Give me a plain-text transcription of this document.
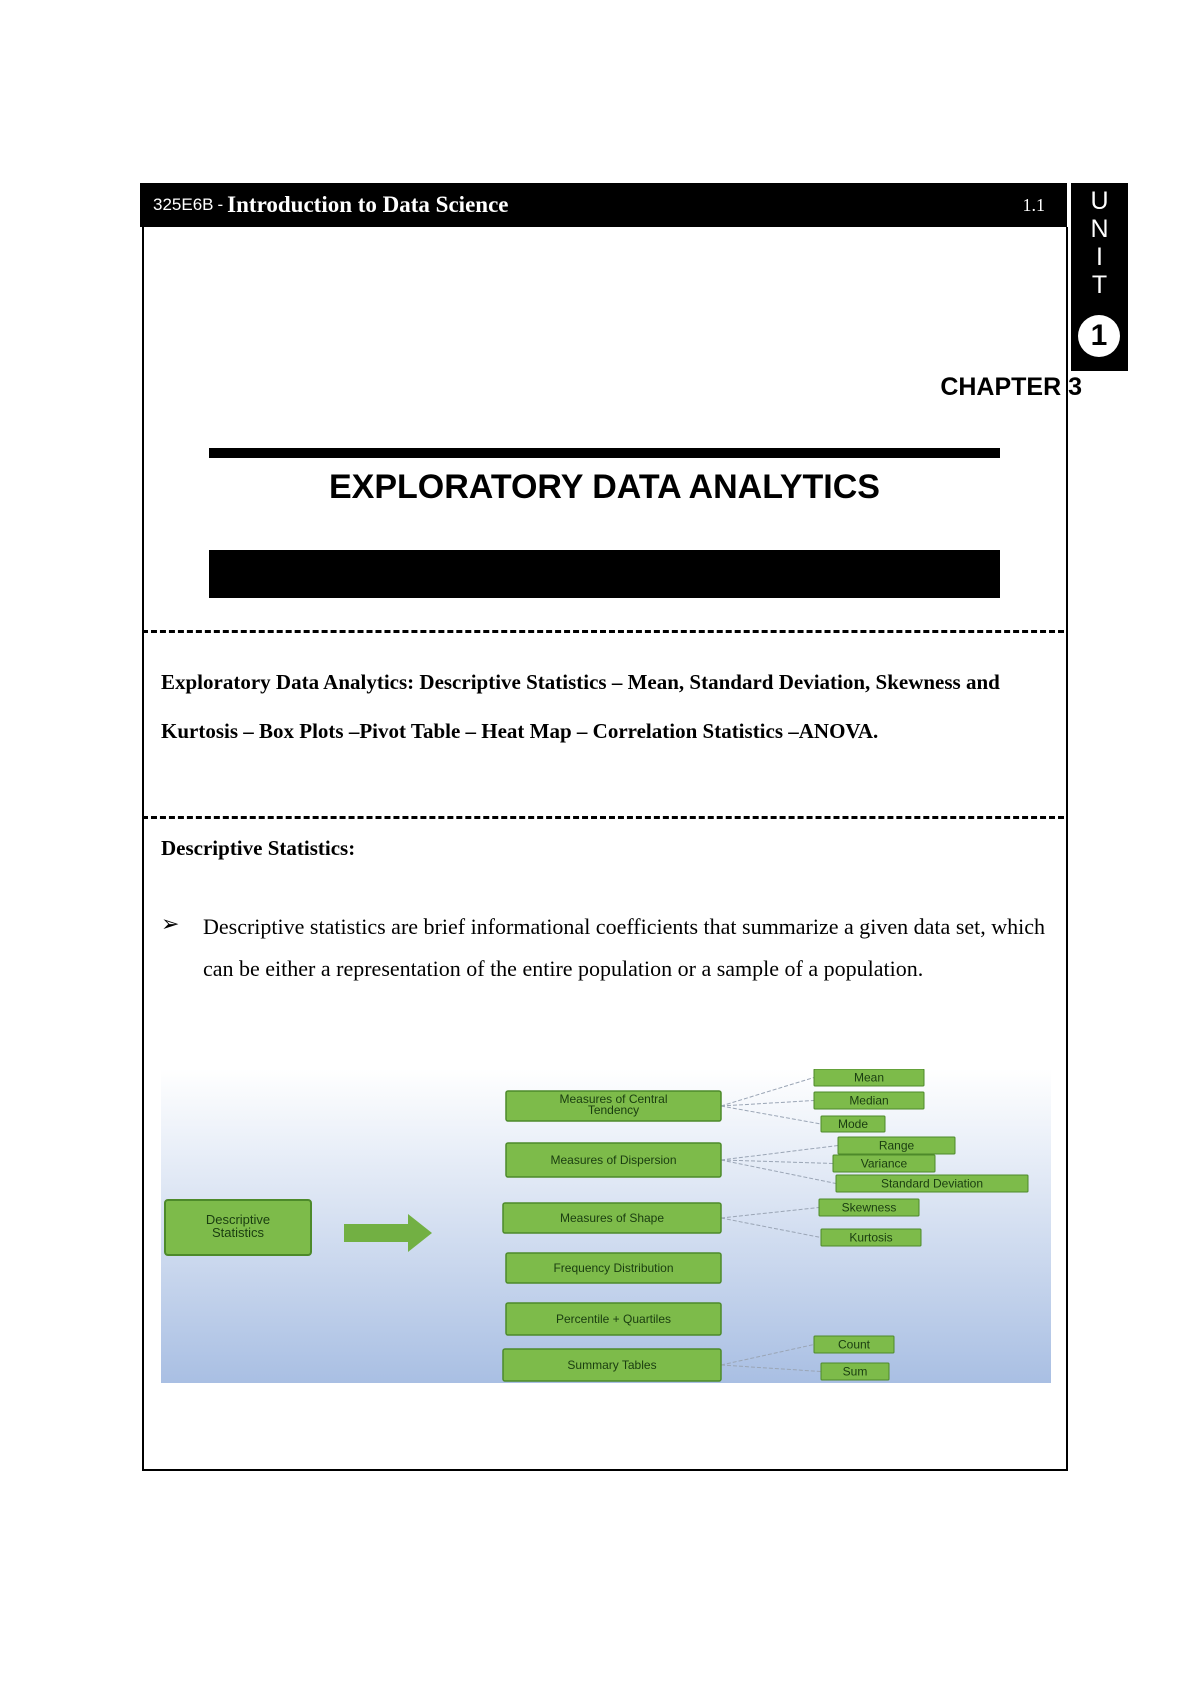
325E6B - Introduction to Data Science	1.1	U
N
I
T
1
CHAPTER 3
EXPLORATORY DATA ANALYTICS
Exploratory Data Analytics: Descriptive Statistics – Mean, Standard Deviation, Skewness and Kurtosis – Box Plots –Pivot Table – Heat Map – Correlation Statistics –ANOVA.
Descriptive Statistics:
➢ Descriptive statistics are brief informational coefficients that summarize a given data set, which can be either a representation of the entire population or a sample of a population.
Descriptive
Statistics
Measures of Central
Tendency
Mean
Median
Mode
Measures of Dispersion
Range
Variance
Standard Deviation
Measures of Shape
Skewness
Kurtosis
Frequency Distribution
Percentile + Quartiles
Summary Tables
Count
Sum
